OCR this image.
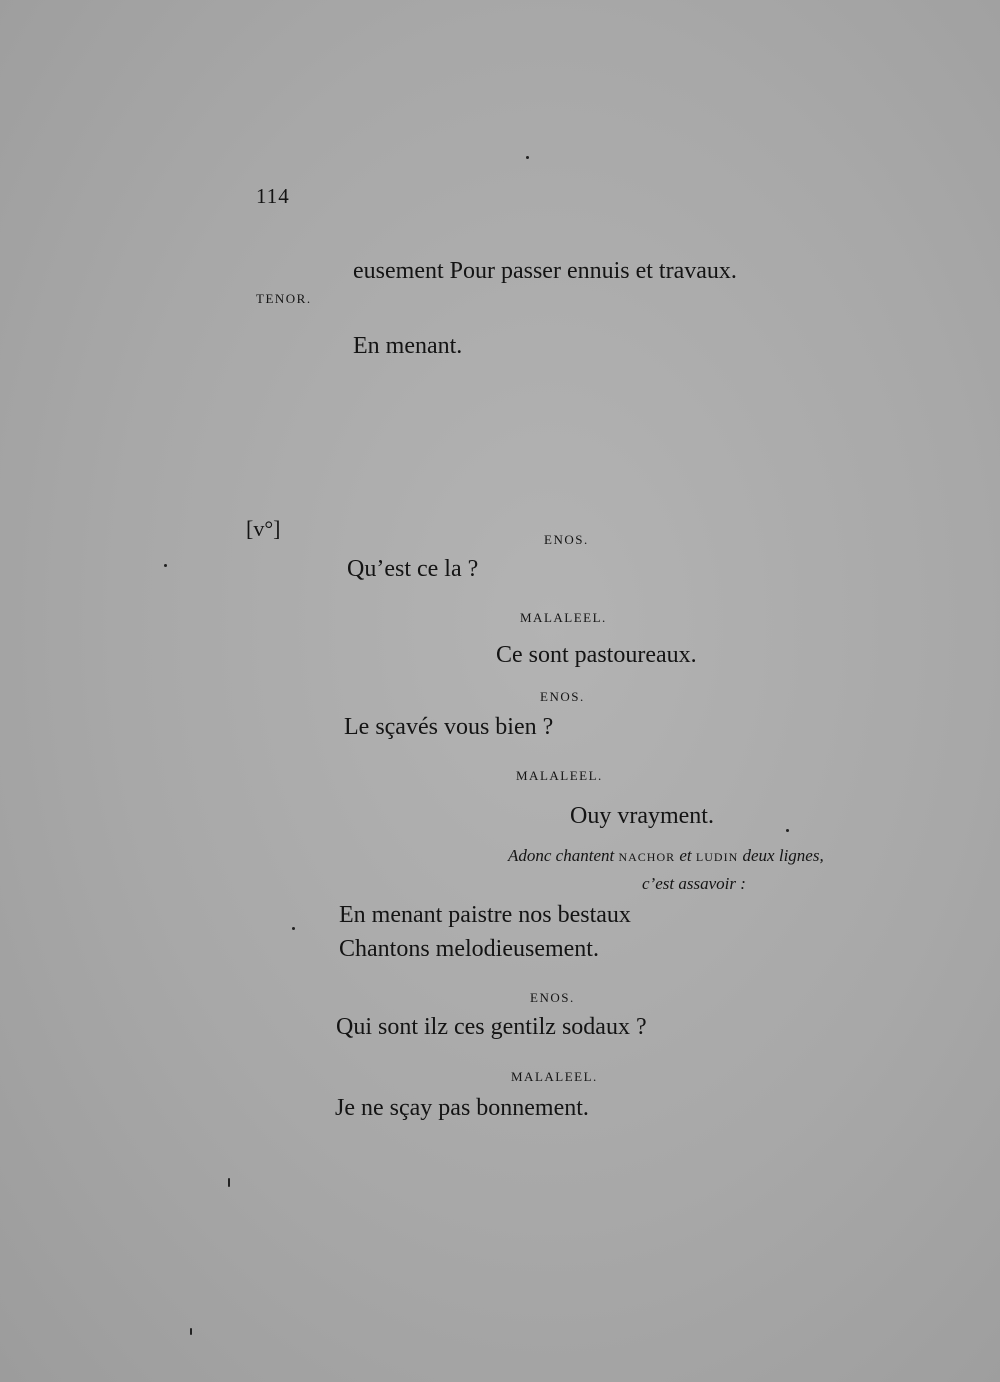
114
eusement Pour passer ennuis et travaux.
TENOR.
En menant.
[v°]	ENOS.
Qu’est ce la ?
MALALEEL.
Ce sont pastoureaux.
ENOS.
Le sçavés vous bien ?
MALALEEL.
Ouy vrayment.
Adonc chantent NACHOR et LUDIN deux lignes,
c’est assavoir :
En menant paistre nos bestaux
Chantons melodieusement.
ENOS.
Qui sont ilz ces gentilz sodaux ?
MALALEEL.
Je ne sçay pas bonnement.
